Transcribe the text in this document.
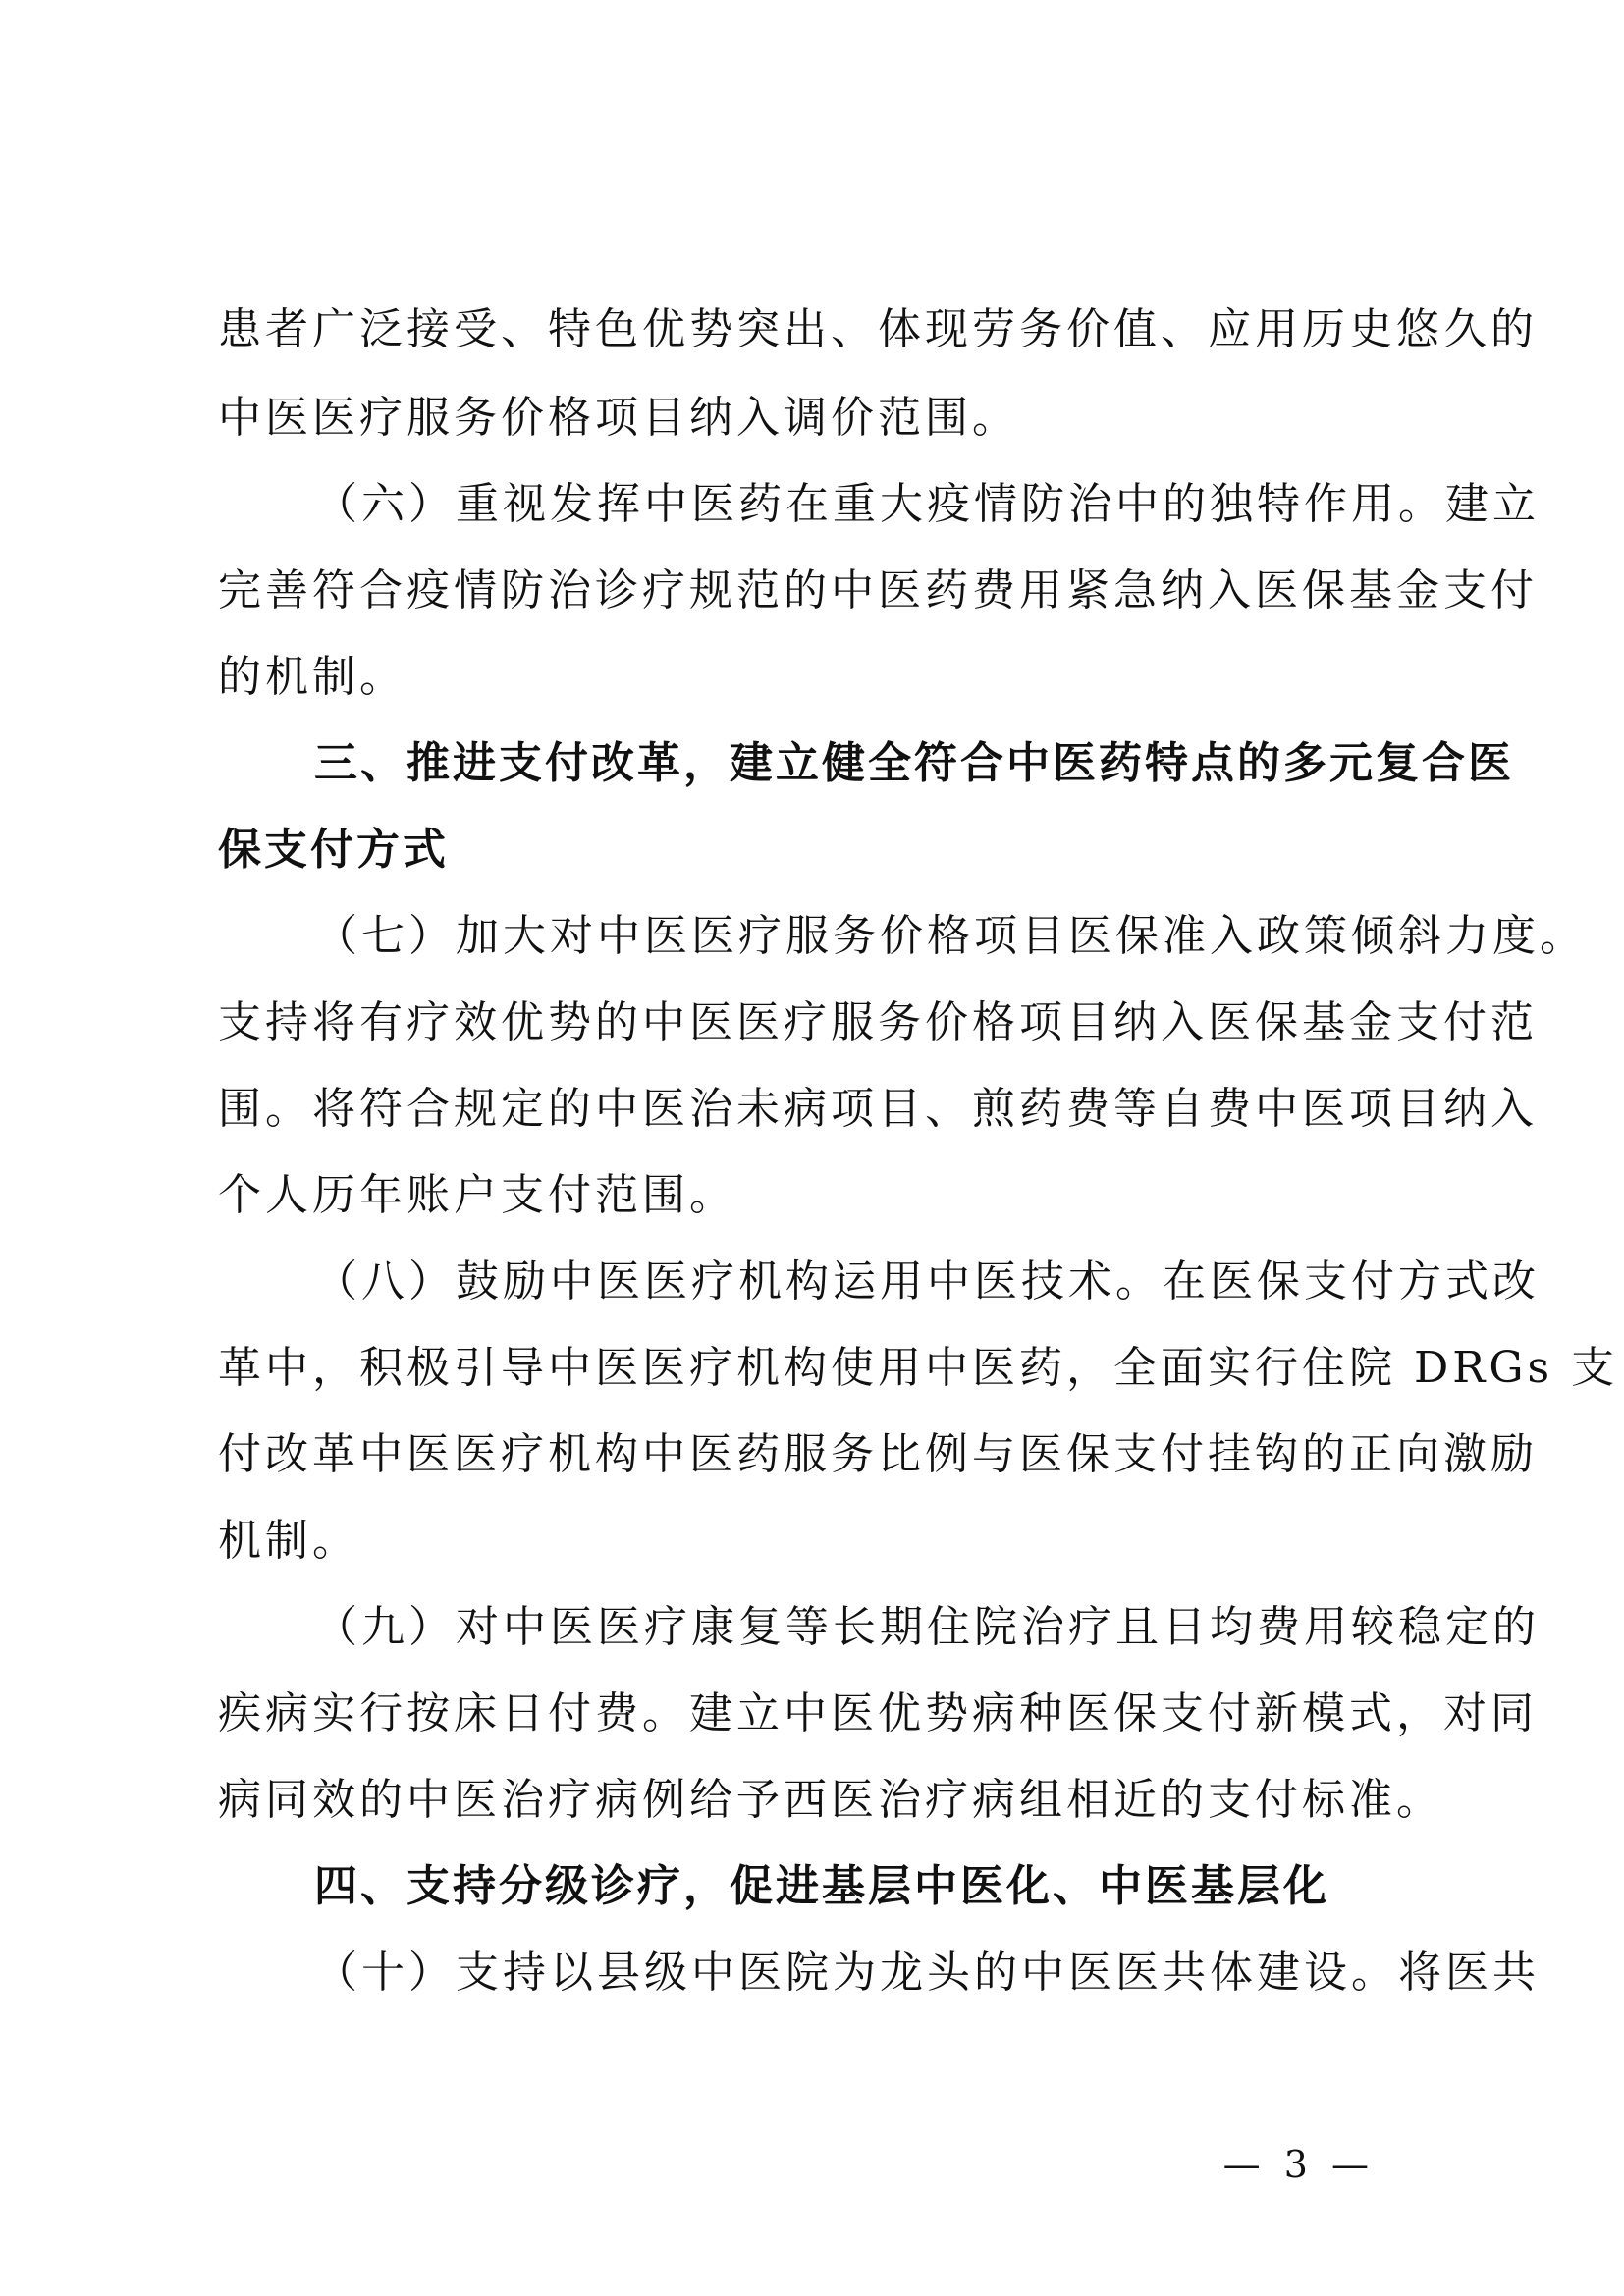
患者广泛接受、特色优势突出、体现劳务价值、应用历史悠久的
中医医疗服务价格项目纳入调价范围。
（六）重视发挥中医药在重大疫情防治中的独特作用。建立
完善符合疫情防治诊疗规范的中医药费用紧急纳入医保基金支付
的机制。
三、推进支付改革，建立健全符合中医药特点的多元复合医
保支付方式
（七）加大对中医医疗服务价格项目医保准入政策倾斜力度。
支持将有疗效优势的中医医疗服务价格项目纳入医保基金支付范
围。将符合规定的中医治未病项目、煎药费等自费中医项目纳入
个人历年账户支付范围。
（八）鼓励中医医疗机构运用中医技术。在医保支付方式改
革中，积极引导中医医疗机构使用中医药，全面实行住院 DRGs 支
付改革中医医疗机构中医药服务比例与医保支付挂钩的正向激励
机制。
（九）对中医医疗康复等长期住院治疗且日均费用较稳定的
疾病实行按床日付费。建立中医优势病种医保支付新模式，对同
病同效的中医治疗病例给予西医治疗病组相近的支付标准。
四、支持分级诊疗，促进基层中医化、中医基层化
（十）支持以县级中医院为龙头的中医医共体建设。将医共
— 3 —
